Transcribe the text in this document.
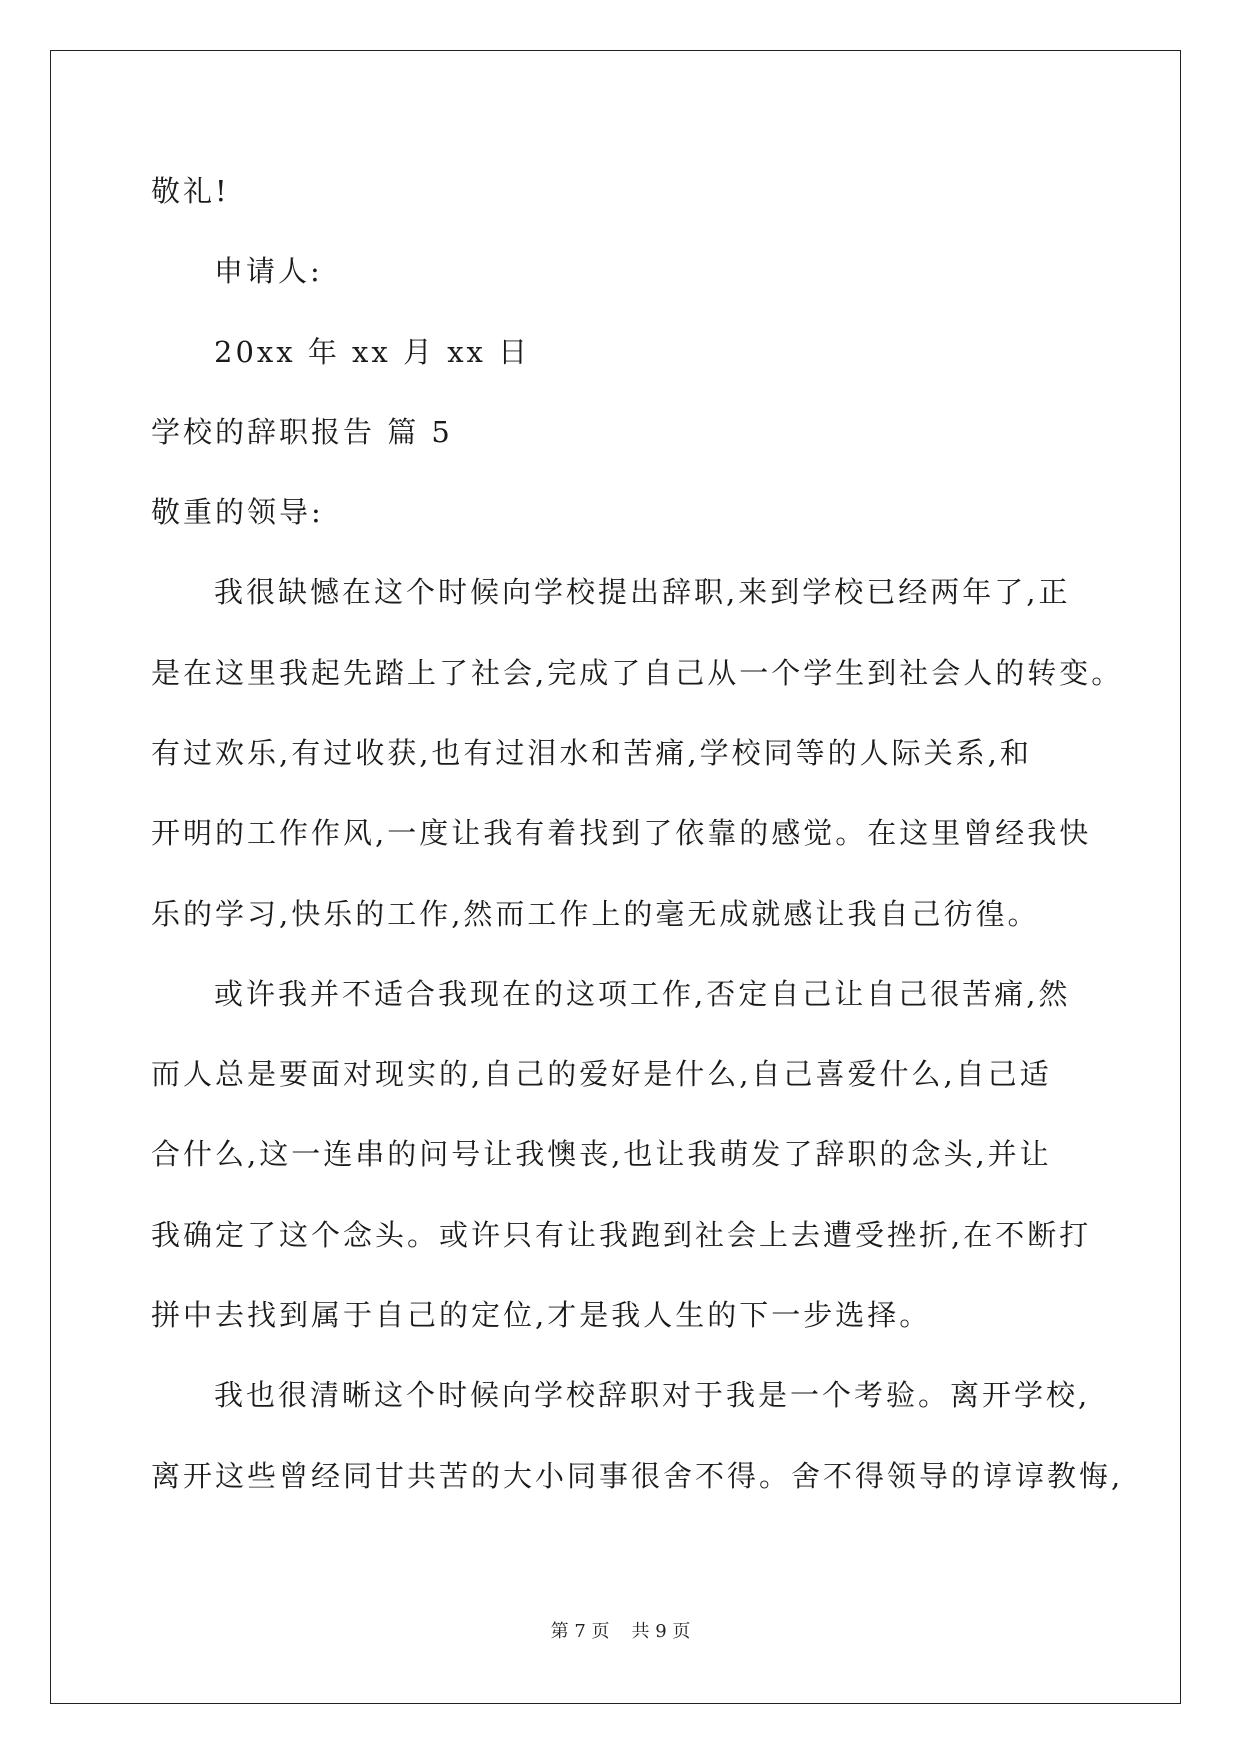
敬礼!
申请人:
20xx 年 xx 月 xx 日
学校的辞职报告 篇 5
敬重的领导:
我很缺憾在这个时候向学校提出辞职,来到学校已经两年了,正
是在这里我起先踏上了社会,完成了自己从一个学生到社会人的转变。
有过欢乐,有过收获,也有过泪水和苦痛,学校同等的人际关系,和
开明的工作作风,一度让我有着找到了依靠的感觉。在这里曾经我快
乐的学习,快乐的工作,然而工作上的毫无成就感让我自己彷徨。
或许我并不适合我现在的这项工作,否定自己让自己很苦痛,然
而人总是要面对现实的,自己的爱好是什么,自己喜爱什么,自己适
合什么,这一连串的问号让我懊丧,也让我萌发了辞职的念头,并让
我确定了这个念头。或许只有让我跑到社会上去遭受挫折,在不断打
拼中去找到属于自己的定位,才是我人生的下一步选择。
我也很清晰这个时候向学校辞职对于我是一个考验。离开学校,
离开这些曾经同甘共苦的大小同事很舍不得。舍不得领导的谆谆教悔,
第 7 页 共 9 页
